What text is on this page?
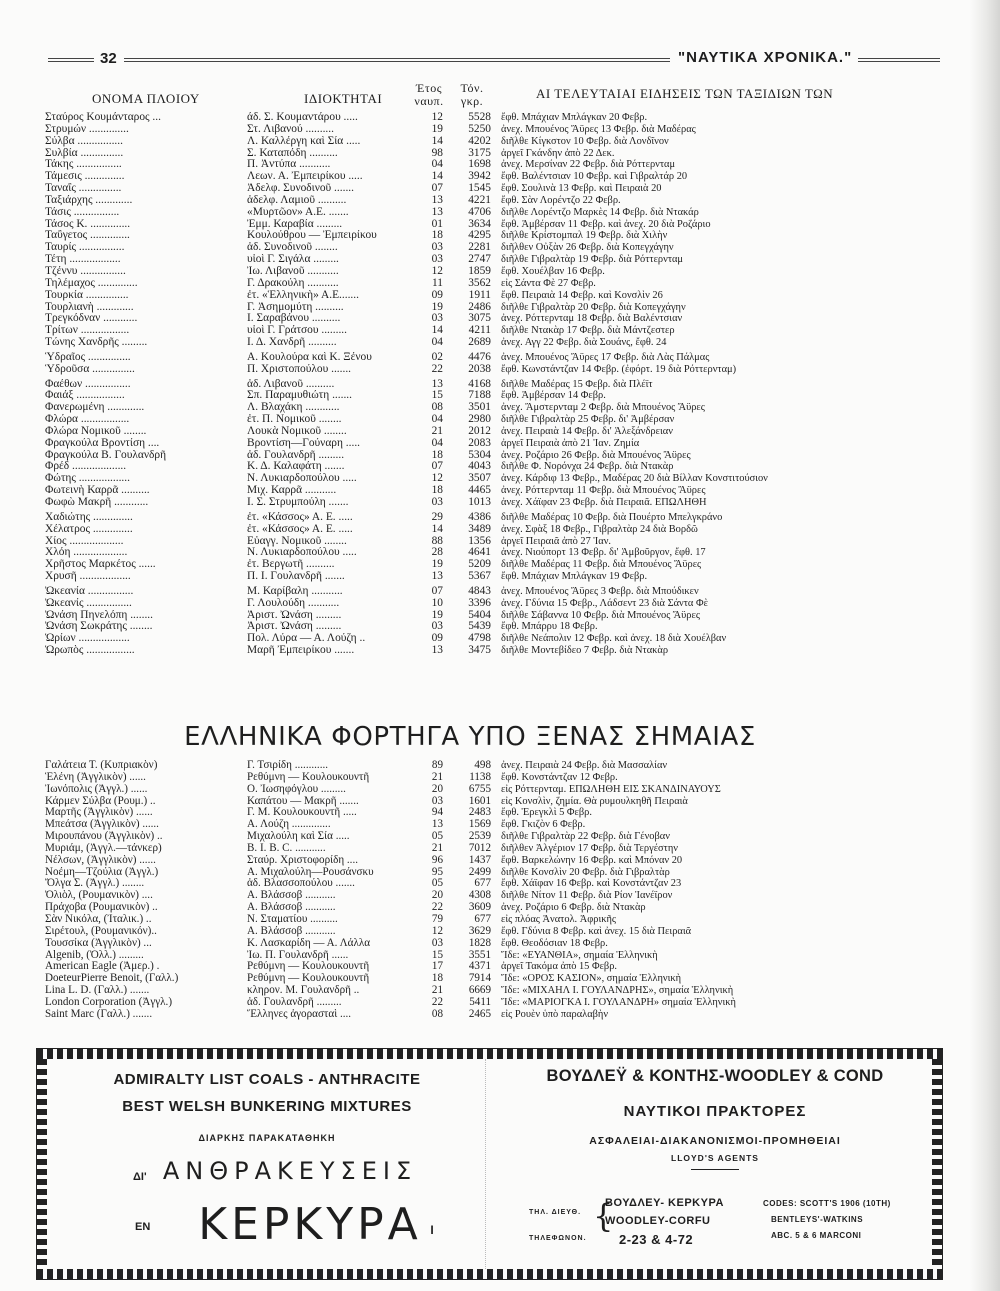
32	"ΝΑΥΤΙΚΑ ΧΡΟΝΙΚΑ."
ΟΝΟΜΑ ΠΛΟΙΟΥ	ΙΔΙΟΚΤΗΤΑΙ
Έτος ναυπ.
Τόν. γκρ.	ΑΙ ΤΕΛΕΥΤΑΙΑΙ ΕΙΔΗΣΕΙΣ ΤΩΝ ΤΑΞΙΔΙΩΝ ΤΩΝ
Σταύρος Κουμάνταρος ...	άδ. Σ. Κουμαντάρου .....	12	5528 ἔφθ. Μπάχιαν Μπλάγκαν 20 Φεβρ.
Στρυμών ..............	Στ. Λιβανού ..........	19	5250 ἀνεχ. Μπουένος Ἄϋρες 13 Φεβρ. διὰ Μαδέρας
Σύλβα ................	Λ. Καλλέργη καὶ Σία .....	14	4202 διῆλθε Κίγκστον 10 Φεβρ. διὰ Λονδῖνον
Συλβία ...............	Σ. Καταπόδη ..........	98	3175 ἀργεῖ Γκάνδην ἀπὸ 22 Δεκ.
Τάκης ................	Π. Ἀντύπα ...........	04	1698 ἀνεχ. Μερσίναν 22 Φεβρ. διὰ Ρόττερνταμ
Τάμεσις ..............	Λεων. Α. Ἐμπειρίκου .....	14	3942 ἔφθ. Βαλέντσιαν 10 Φεβρ. καὶ Γιβραλτάρ 20
Ταναΐς ...............	Ἀδελφ. Συνοδινοῦ .......	07	1545 ἔφθ. Σουλινὰ 13 Φεβρ. καὶ Πειραιὰ 20
Ταξιάρχης .............	ἀδελφ. Λαμιοῦ ..........	13	4221 ἔφθ. Σὰν Λορέντζο 22 Φεβρ.
Τάσις ................	«Μυρτῶον» Α.Ε. .......	13	4706 διῆλθε Λορέντζο Μαρκὲς 14 Φεβρ. διὰ Ντακάρ
Τάσος Κ. ..............	Ἐμμ. Καραβία .........	01	3634 ἔφθ. Ἀμβέρσαν 11 Φεβρ. καὶ ἀνεχ. 20 διὰ Ροζάριο
Ταΰγετος ..............	Κουλούθρου — Ἐμπειρίκου	18	4295 διῆλθε Κρίστομπαλ 19 Φεβρ. διὰ Χιλὴν
Ταυρίς ................	ἀδ. Συνοδινοῦ ........	03	2281 διῆλθεν Οὐξὰν 26 Φεβρ. διὰ Κοπεγχάγην
Τέτη ..................	υἱοὶ Γ. Σιγάλα .........	03	2747 διῆλθε Γιβραλτὰρ 19 Φεβρ. διὰ Ρόττερνταμ
Τζέννυ ................	Ἰω. Λιβανοῦ ...........	12	1859 ἔφθ. Χουέλβαν 16 Φεβρ.
Τηλέμαχος ..............	Γ. Δρακούλη ...........	11	3562 εἰς Σάντα Φὲ 27 Φεβρ.
Τουρκία ...............	ἐτ. «Ἑλληνικὴ» Α.Ε.......	09	1911 ἔφθ. Πειραιὰ 14 Φεβρ. καὶ Κονσλὶν 26
Τουρλιανὴ .............	Γ. Ἀσημομύτη ..........	19	2486 διῆλθε Γιβραλτὰρ 20 Φεβρ. διὰ Κοπεγχάγην
Τρεγκόδναν ............	Ι. Σαραβάνου ..........	03	3075 ἀνεχ. Ρόττερνταμ 18 Φεβρ. διὰ Βαλέντσιαν
Τρίτων .................	υἱοὶ Γ. Γράτσου .........	14	4211 διῆλθε Ντακὰρ 17 Φεβρ. διὰ Μάντζεστερ
Τώνης Χανδρῆς .........	Ι. Δ. Χανδρῆ ..........	04	2689 ἀνεχ. Αγγ 22 Φεβρ. διὰ Σουάνς, ἔφθ. 24
Ὑδραῖος ...............	Α. Κουλούρα καὶ Κ. Ξένου	02	4476 ἀνεχ. Μπουένος Ἄϋρες 17 Φεβρ. διὰ Λὰς Πάλμας
Ὑδροῦσα ...............	Π. Χριστοπούλου .......	22	2038 ἔφθ. Κωνστάντζαν 14 Φεβρ. (ἐφόρτ. 19 διὰ Ρόττερνταμ)
Φαέθων ................	ἀδ. Λιβανοῦ ..........	13	4168 διῆλθε Μαδέρας 15 Φεβρ. διὰ Πλέϊτ
Φαιάξ .................	Σπ. Παραμυθιώτη .......	15	7188 ἔφθ. Ἀμβέρσαν 14 Φεβρ.
Φανερωμένη .............	Λ. Βλαχάκη ............	08	3501 ἀνεχ. Ἄμστερνταμ 2 Φεβρ. διὰ Μπουένος Ἄϋρες
Φλώρα .................	ἐτ. Π. Νομικοῦ ........	04	2980 διῆλθε Γιβραλτὰρ 25 Φεβρ. δι' Ἀμβέρσαν
Φλώρα Νομικοῦ ........	Λουκὰ Νομικοῦ ........	21	2012 ἀνεχ. Πειραιὰ 14 Φεβρ. δι' Ἀλεξάνδρειαν
Φραγκούλα Βροντίση ....	Βροντίση—Γούναρη .....	04	2083 ἀργεῖ Πειραιὰ ἀπὸ 21 Ἰαν. Ζημία
Φραγκούλα Β. Γουλανδρῆ	ἀδ. Γουλανδρῆ .........	18	5304 ἀνεχ. Ροζάριο 26 Φεβρ. διὰ Μπουένος Ἄϋρες
Φρέδ ...................	Κ. Δ. Καλαφάτη .......	07	4043 διῆλθε Φ. Νορόνχα 24 Φεβρ. διὰ Ντακὰρ
Φώτης ..................	Ν. Λυκιαρδοπούλου .....	12	3507 ἀνεχ. Κάρδιφ 13 Φεβρ., Μαδέρας 20 διὰ Βίλλαν Κονστιτούσιον
Φωτεινὴ Καρρᾶ ..........	Μιχ. Καρρᾶ ...........	18	4465 ἀνεχ. Ρόττερνταμ 11 Φεβρ. διὰ Μπουένος Ἄϋρες
Φωφὼ Μακρῆ ............	Ι. Σ. Στρυμπούλη .......	03	1013 ἀνεχ. Χάϊφαν 23 Φεβρ. διὰ Πειραιᾶ. ΕΠΩΛΗΘΗ
Χαδιώτης ..............	ἐτ. «Κάσσος» Α. Ε. .....	29	4386 διῆλθε Μαδέρας 10 Φεβρ. διὰ Πουέρτο Μπελγκράνο
Χέλατρος ..............	ἐτ. «Κάσσος» Α. Ε. .....	14	3489 ἀνεχ. Σφὰξ 18 Φεβρ., Γιβραλτὰρ 24 διὰ Βορδῶ
Χίος ...................	Εὐαγγ. Νομικοῦ ........	88	1356 ἀργεῖ Πειραιᾶ ἀπὸ 27 Ἰαν.
Χλόη ...................	Ν. Λυκιαρδοπούλου .....	28	4641 ἀνεχ. Νιούπορτ 13 Φεβρ. δι' Ἀμβοῦργον, ἔφθ. 17
Χρῆστος Μαρκέτος ......	ἐτ. Βεργωτῆ ..........	19	5209 διῆλθε Μαδέρας 11 Φεβρ. διὰ Μπουένος Ἄϋρες
Χρυσῆ ..................	Π. Ι. Γουλανδρῆ .......	13	5367 ἔφθ. Μπάχιαν Μπλάγκαν 19 Φεβρ.
Ὠκεανία ................	Μ. Καρίβαλη ...........	07	4843 ἀνεχ. Μπουένος Ἄϋρες 3 Φεβρ. διὰ Μπούδικεν
Ὠκεανίς ................	Γ. Λουλούδη ...........	10	3396 ἀνεχ. Γδύνια 15 Φεβρ., Λάδσεντ 23 διὰ Σάντα Φὲ
Ὠνάση Πηνελόπη ........	Ἀριστ. Ὠνάση .........	19	5404 διῆλθε Σάβαννα 10 Φεβρ. διὰ Μπουένος Ἄϋρες
Ὠνάση Σωκράτης ........	Ἀριστ. Ὠνάση .........	03	5439 ἔφθ. Μπάρρυ 18 Φεβρ.
Ὡρίων ..................	Πολ. Λύρα — Α. Λούζη ..	09	4798 διῆλθε Νεάπολιν 12 Φεβρ. καὶ ἀνεχ. 18 διὰ Χουέλβαν
Ὡρωπὸς .................	Μαρῆ Ἐμπειρίκου .......	13	3475 διῆλθε Μοντεβίδεο 7 Φεβρ. διὰ Ντακὰρ
ΕΛΛΗΝΙΚΑ ΦΟΡΤΗΓΑ ΥΠΟ ΞΕΝΑΣ ΣΗΜΑΙΑΣ
Γαλάτεια Τ. (Κυπριακὸν)	Γ. Τσιρίδη ............	89	498 ἀνεχ. Πειραιὰ 24 Φεβρ. διὰ Μασσαλίαν
Ἑλένη (Ἀγγλικὸν) ......	Ρεθύμνη — Κουλουκουντῆ	21	1138 ἔφθ. Κονστάντζαν 12 Φεβρ.
Ἰωνόπολις (Ἀγγλ.) ......	Ο. Ἰωσηφόγλου .........	20	6755 εἰς Ρόττερνταμ. ΕΠΩΛΗΘΗ ΕΙΣ ΣΚΑΝΔΙΝΑΥΟΥΣ
Κάρμεν Σύλβα (Ρουμ.) ..	Καπάτου — Μακρῆ .......	03	1601 εἰς Κονσλὶν, ζημία. Θὰ ρυμουλκηθῆ Πειραιὰ
Μαρτῆς (Ἀγγλικὸν) ......	Γ. Μ. Κουλουκουντῆ .....	94	2483 ἔφθ. Ἐρεγκλὶ 5 Φεβρ.
Μπεάτσα (Ἀγγλικὸν) ......	Α. Λούζη ..............	13	1569 ἔφθ. Γκιζὸν 6 Φεβρ.
Μιρουπάνου (Ἀγγλικὸν) ..	Μιχαλούλη καὶ Σία .....	05	2539 διῆλθε Γιβραλτὰρ 22 Φεβρ. διὰ Γένοβαν
Μυριάμ, (Ἀγγλ.—τάνκερ)	Β. Ι. Β. C. ...........	21	7012 διῆλθεν Ἀλγέριον 17 Φεβρ. διὰ Τεργέστην
Νέλσων, (Ἀγγλικὸν) ......	Σταύρ. Χριστοφορίδη ....	96	1437 ἔφθ. Βαρκελώνην 16 Φεβρ. καὶ Μπόναν 20
Νοέμη—Τζούλια (Ἀγγλ.)	Α. Μιχαλούλη—Ρουσάνσκυ	95	2499 διῆλθε Κονσλὶν 20 Φεβρ. διὰ Γιβραλτὰρ
Ὄλγα Σ. (Ἀγγλ.) ........	ἀδ. Βλασσοπούλου .......	05	677 ἔφθ. Χάϊφαν 16 Φεβρ. καὶ Κονστάντζαν 23
Ὀλιὸλ, (Ρουμανικὸν) ....	Α. Βλάσσοβ ...........	20	4308 διῆλθε Νίτον 11 Φεβρ. διὰ Ρίον Ἰανέϊρον
Πράχοβα (Ρουμανικὸν) ..	Α. Βλάσσοβ ...........	22	3609 ἀνεχ. Ροζάριο 6 Φεβρ. διὰ Ντακὰρ
Σὰν Νικόλα, (Ἰταλικ.) ..	Ν. Σταματίου ..........	79	677 εἰς πλόας Ἀνατολ. Ἀφρικῆς
Σιρέτουλ, (Ρουμανικόν)..	Α. Βλάσσοβ ...........	12	3629 ἔφθ. Γδύνια 8 Φεβρ. καὶ ἀνεχ. 15 διὰ Πειραιᾶ
Τουσσίκα (Ἀγγλικὸν) ...	Κ. Λασκαρίδη — Α. Λάλλα	03	1828 ἔφθ. Θεοδόσιαν 18 Φεβρ.
Algenib, (Ὀλλ.) .........	Ἰω. Π. Γουλανδρῆ ......	15	3551 Ἴδε: «ΕΥΑΝΘΙΑ», σημαία Ἑλληνικὴ
American Eagle (Ἀμερ.) .	Ρεθύμνη — Κουλουκουντῆ	17	4371 ἀργεῖ Τακόμα ἀπὸ 15 Φεβρ.
DoeteurPierre Benoit, (Γαλλ.)	Ρεθύμνη — Κουλουκουντῆ	18	7914 Ἴδε: «ΟΡΟΣ ΚΑΣΙΟΝ», σημαία Ἑλληνικὴ
Lina L. D. (Γαλλ.) .......	κληρον. Μ. Γουλανδρῆ ..	21	6669 Ἴδε: «ΜΙΧΑΗΛ Ι. ΓΟΥΛΑΝΔΡΗΣ», σημαία Ἑλληνικὴ
London Corporation (Ἀγγλ.)	ἀδ. Γουλανδρῆ .........	22	5411 Ἴδε: «ΜΑΡΙΟΓΚΑ Ι. ΓΟΥΛΑΝΔΡΗ» σημαία Ἑλληνικὴ
Saint Marc (Γαλλ.) .......	Ἕλληνες ἀγορασταὶ ....	08	2465 εἰς Ρουὲν ὑπὸ παραλαβὴν
ADMIRALTY LIST COALS - ANTHRACITE
BEST WELSH BUNKERING MIXTURES
ΔΙΑΡΚΗΣ ΠΑΡΑΚΑΤΑΘΗΚΗ
ΔΙ' ΑΝΘΡΑΚΕΥΣΕΙΣ
ΕΝ	ΚΕΡΚΥΡΑ Ι
ΒΟΥΔΛΕΫ & ΚΟΝΤΗΣ-WOODLEY & COND
ΝΑΥΤΙΚΟΙ ΠΡΑΚΤΟΡΕΣ
ΑΣΦΑΛΕΙΑΙ-ΔΙΑΚΑΝΟΝΙΣΜΟΙ-ΠΡΟΜΗΘΕΙΑΙ
LLOYD'S AGENTS
ΤΗΛ. ΔΙΕΥΘ. {
ΒΟΥΔΛΕΥ- ΚΕΡΚΥΡΑ
WOODLEY-CORFU
ΤΗΛΕΦΩΝΟΝ. 2-23 & 4-72
CODES: SCOTT'S 1906 (10TH)
BENTLEYS'-WATKINS
ABC. 5 & 6 MARCONI
